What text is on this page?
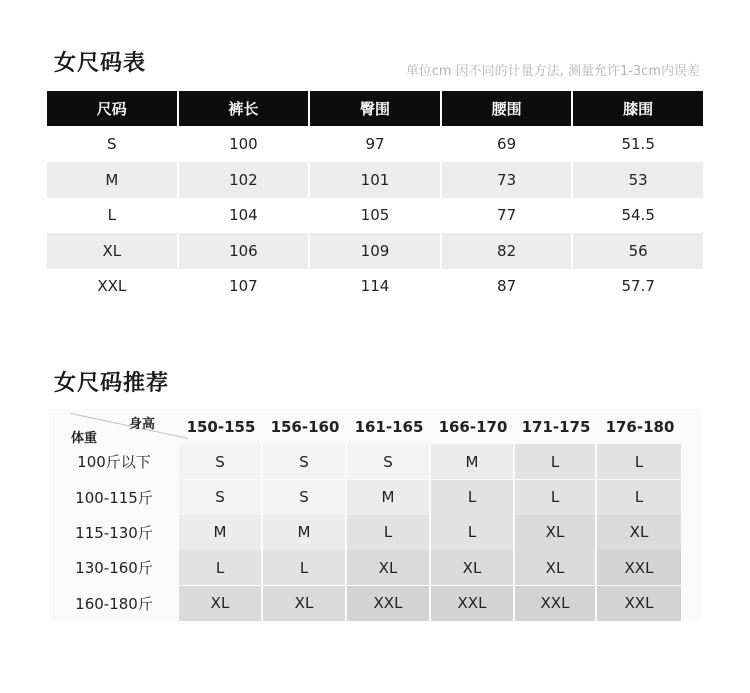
女尺码表	单位cm 因不同的计量方法, 测量允许1-3cm内误差
尺码	裤长	臀围	腰围	膝围
S	100	97	69	51.5
M	102	101	73	53
L	104	105	77	54.5
XL	106	109	82	56
XXL	107	114	87	57.7
女尺码推荐
身高
体重
150-155	156-160	161-165	166-170 171-175	176-180
100斤以下	S	S	S	M	L	L
100-115斤	S	S	M	L	L	L
115-130斤	M	M	L	L	XL	XL
130-160斤	L	L	XL	XL	XL	XXL
160-180斤	XL	XL	XXL	XXL	XXL	XXL
